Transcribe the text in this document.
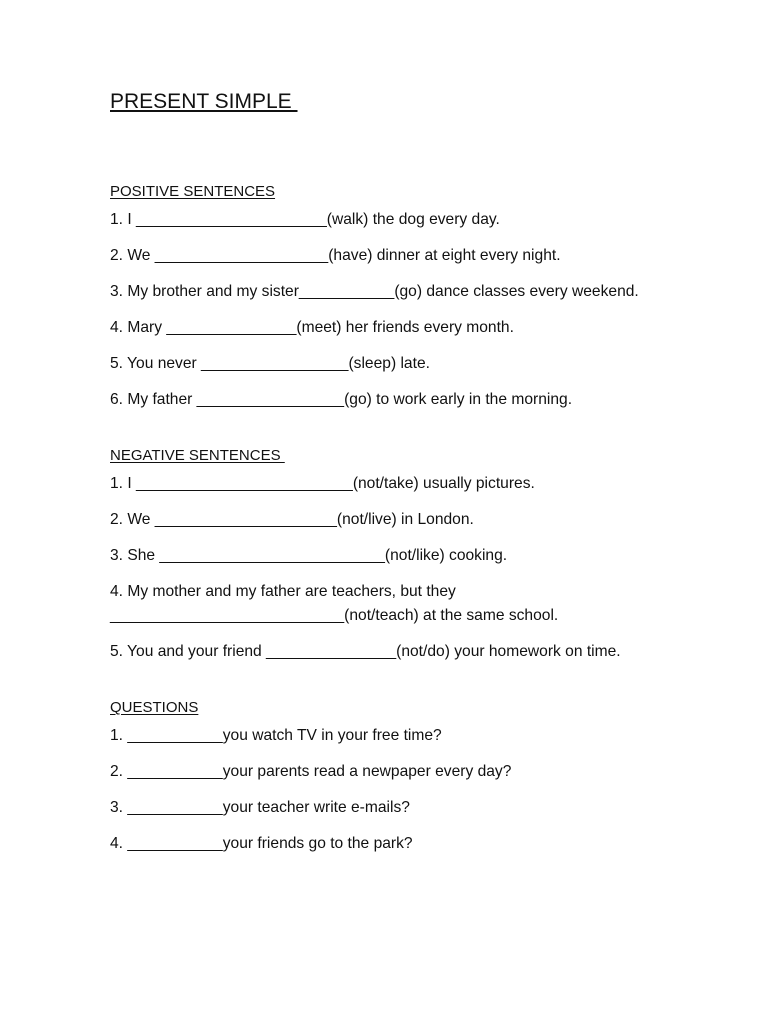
PRESENT SIMPLE
POSITIVE SENTENCES
1. I ______________________(walk) the dog every day.
2. We ____________________(have) dinner at eight every night.
3. My brother and my sister___________(go) dance classes every weekend.
4. Mary _______________(meet) her friends every month.
5. You never _________________(sleep) late.
6. My father _________________(go) to work early in the morning.
NEGATIVE SENTENCES
1. I _________________________(not/take) usually pictures.
2. We _____________________(not/live) in London.
3. She __________________________(not/like) cooking.
4. My mother and my father are teachers, but they
___________________________(not/teach) at the same school.
5. You and your friend _______________(not/do) your homework on time.
QUESTIONS
1. ___________you watch TV in your free time?
2. ___________your parents read a newpaper every day?
3. ___________your teacher write e-mails?
4. ___________your friends go to the park?
